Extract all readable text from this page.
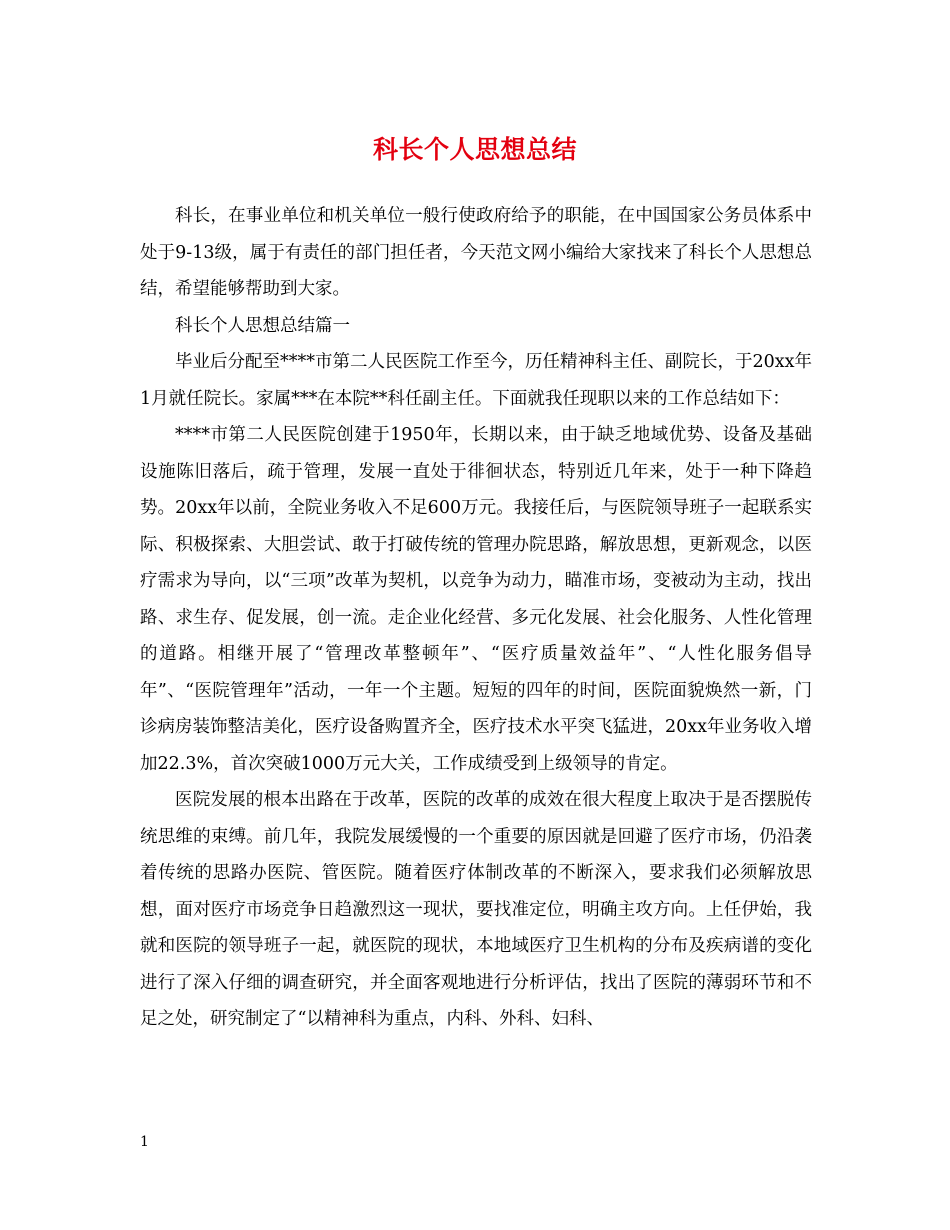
科长个人思想总结

科长，在事业单位和机关单位一般行使政府给予的职能，在中国国家公务员体系中处于9-13级，属于有责任的部门担任者，今天范文网小编给大家找来了科长个人思想总结，希望能够帮助到大家。

科长个人思想总结篇一

毕业后分配至****市第二人民医院工作至今，历任精神科主任、副院长，于20xx年1月就任院长。家属***在本院**科任副主任。下面就我任现职以来的工作总结如下：

****市第二人民医院创建于1950年，长期以来，由于缺乏地域优势、设备及基础设施陈旧落后，疏于管理，发展一直处于徘徊状态，特别近几年来，处于一种下降趋势。20xx年以前，全院业务收入不足600万元。我接任后，与医院领导班子一起联系实际、积极探索、大胆尝试、敢于打破传统的管理办院思路，解放思想，更新观念，以医疗需求为导向，以“三项”改革为契机，以竞争为动力，瞄准市场，变被动为主动，找出路、求生存、促发展，创一流。走企业化经营、多元化发展、社会化服务、人性化管理的道路。相继开展了“管理改革整顿年”、“医疗质量效益年”、“人性化服务倡导年”、“医院管理年”活动，一年一个主题。短短的四年的时间，医院面貌焕然一新，门诊病房装饰整洁美化，医疗设备购置齐全，医疗技术水平突飞猛进，20xx年业务收入增加22.3%，首次突破1000万元大关，工作成绩受到上级领导的肯定。

医院发展的根本出路在于改革，医院的改革的成效在很大程度上取决于是否摆脱传统思维的束缚。前几年，我院发展缓慢的一个重要的原因就是回避了医疗市场，仍沿袭着传统的思路办医院、管医院。随着医疗体制改革的不断深入，要求我们必须解放思想，面对医疗市场竞争日趋激烈这一现状，要找准定位，明确主攻方向。上任伊始，我就和医院的领导班子一起，就医院的现状，本地域医疗卫生机构的分布及疾病谱的变化进行了深入仔细的调查研究，并全面客观地进行分析评估，找出了医院的薄弱环节和不足之处，研究制定了“以精神科为重点，内科、外科、妇科、

1
